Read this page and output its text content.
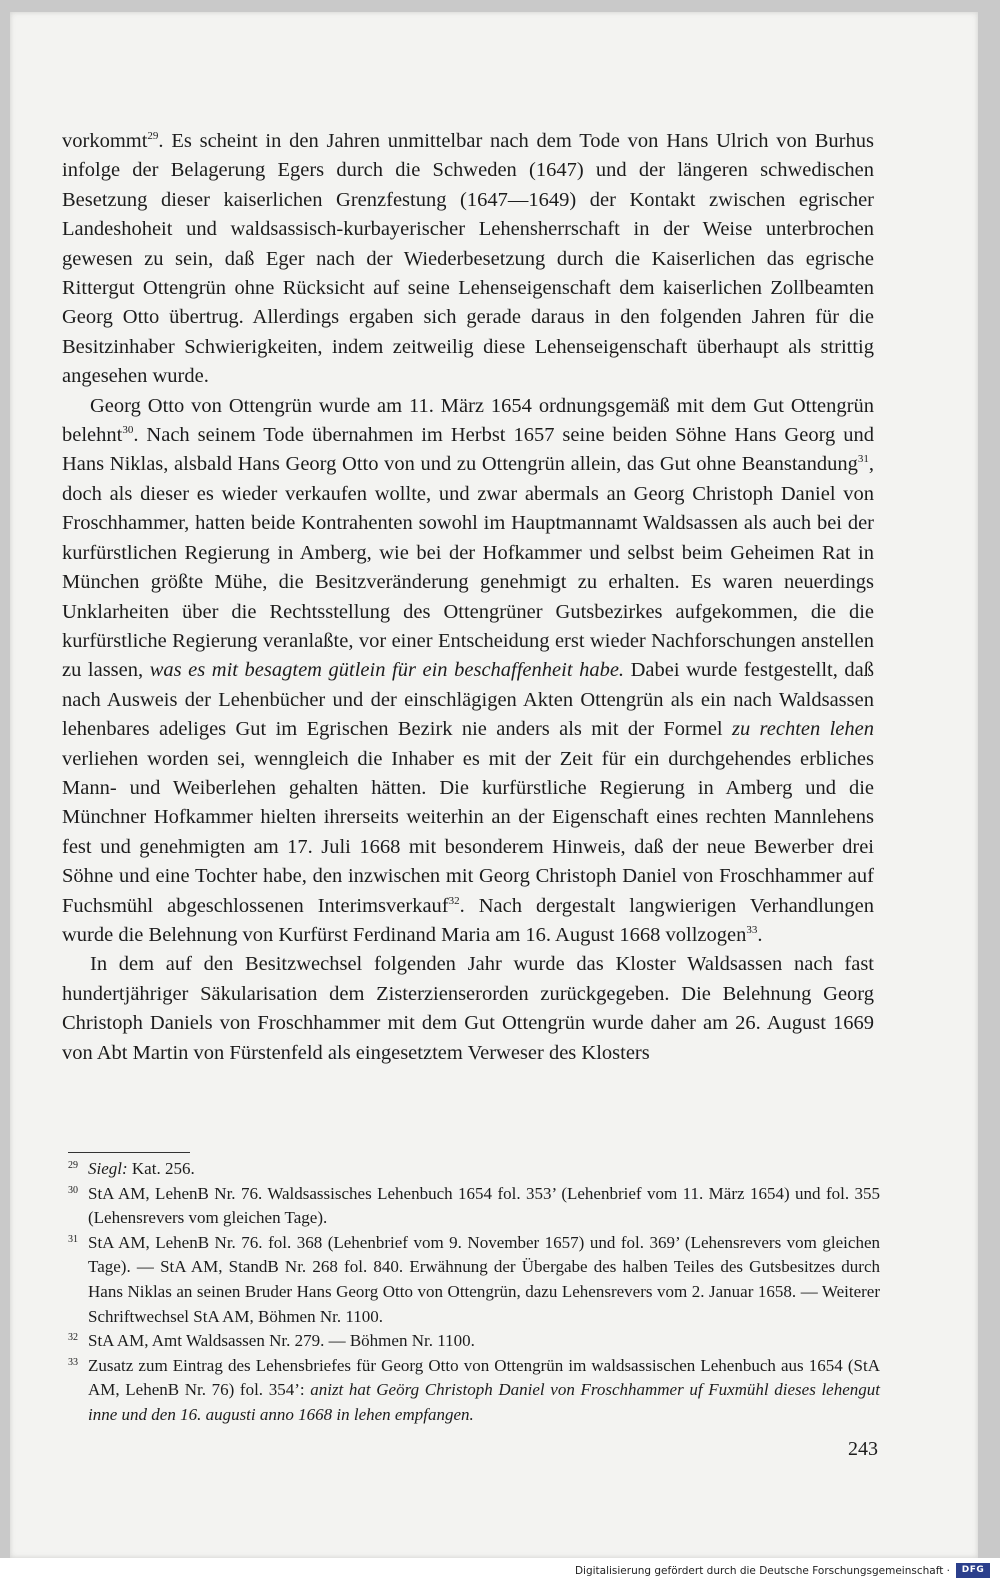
vorkommt$^{29}$. Es scheint in den Jahren unmittelbar nach dem Tode von Hans Ulrich von Burhus infolge der Belagerung Egers durch die Schweden (1647) und der längeren schwedischen Besetzung dieser kaiserlichen Grenzfestung (1647—1649) der Kontakt zwischen egrischer Landeshoheit und waldsassisch-kurbayerischer Lehensherrschaft in der Weise unterbrochen gewesen zu sein, daß Eger nach der Wiederbesetzung durch die Kaiserlichen das egrische Rittergut Ottengrün ohne Rücksicht auf seine Lehenseigenschaft dem kaiserlichen Zollbeamten Georg Otto übertrug. Allerdings ergaben sich gerade daraus in den folgenden Jahren für die Besitzinhaber Schwierigkeiten, indem zeitweilig diese Lehenseigenschaft überhaupt als strittig angesehen wurde.

Georg Otto von Ottengrün wurde am 11. März 1654 ordnungsgemäß mit dem Gut Ottengrün belehnt$^{30}$. Nach seinem Tode übernahmen im Herbst 1657 seine beiden Söhne Hans Georg und Hans Niklas, alsbald Hans Georg Otto von und zu Ottengrün allein, das Gut ohne Beanstandung$^{31}$, doch als dieser es wieder verkaufen wollte, und zwar abermals an Georg Christoph Daniel von Froschhammer, hatten beide Kontrahenten sowohl im Hauptmannamt Waldsassen als auch bei der kurfürstlichen Regierung in Amberg, wie bei der Hofkammer und selbst beim Geheimen Rat in München größte Mühe, die Besitzveränderung genehmigt zu erhalten. Es waren neuerdings Unklarheiten über die Rechtsstellung des Ottengrüner Gutsbezirkes aufgekommen, die die kurfürstliche Regierung veranlaßte, vor einer Entscheidung erst wieder Nachforschungen anstellen zu lassen, was es mit besagtem gütlein für ein beschaffenheit habe. Dabei wurde festgestellt, daß nach Ausweis der Lehenbücher und der einschlägigen Akten Ottengrün als ein nach Waldsassen lehenbares adeliges Gut im Egrischen Bezirk nie anders als mit der Formel zu rechten lehen verliehen worden sei, wenngleich die Inhaber es mit der Zeit für ein durchgehendes erbliches Mann- und Weiberlehen gehalten hätten. Die kurfürstliche Regierung in Amberg und die Münchner Hofkammer hielten ihrerseits weiterhin an der Eigenschaft eines rechten Mannlehens fest und genehmigten am 17. Juli 1668 mit besonderem Hinweis, daß der neue Bewerber drei Söhne und eine Tochter habe, den inzwischen mit Georg Christoph Daniel von Froschhammer auf Fuchsmühl abgeschlossenen Interimsverkauf$^{32}$. Nach dergestalt langwierigen Verhandlungen wurde die Belehnung von Kurfürst Ferdinand Maria am 16. August 1668 vollzogen$^{33}$.

In dem auf den Besitzwechsel folgenden Jahr wurde das Kloster Waldsassen nach fast hundertjähriger Säkularisation dem Zisterzienserorden zurückgegeben. Die Belehnung Georg Christoph Daniels von Froschhammer mit dem Gut Ottengrün wurde daher am 26. August 1669 von Abt Martin von Fürstenfeld als eingesetztem Verweser des Klosters

29 Siegl: Kat. 256.
30 StA AM, LehenB Nr. 76. Waldsassisches Lehenbuch 1654 fol. 353’ (Lehenbrief vom 11. März 1654) und fol. 355 (Lehensrevers vom gleichen Tage).
31 StA AM, LehenB Nr. 76. fol. 368 (Lehenbrief vom 9. November 1657) und fol. 369’ (Lehensrevers vom gleichen Tage). — StA AM, StandB Nr. 268 fol. 840. Erwähnung der Übergabe des halben Teiles des Gutsbesitzes durch Hans Niklas an seinen Bruder Hans Georg Otto von Ottengrün, dazu Lehensrevers vom 2. Januar 1658. — Weiterer Schriftwechsel StA AM, Böhmen Nr. 1100.
32 StA AM, Amt Waldsassen Nr. 279. — Böhmen Nr. 1100.
33 Zusatz zum Eintrag des Lehensbriefes für Georg Otto von Ottengrün im waldsassischen Lehenbuch aus 1654 (StA AM, LehenB Nr. 76) fol. 354’: anizt hat Geörg Christoph Daniel von Froschhammer uf Fuxmühl dieses lehengut inne und den 16. augusti anno 1668 in lehen empfangen.
243
Digitalisierung gefördert durch die Deutsche Forschungsgemeinschaft ·	DFG
